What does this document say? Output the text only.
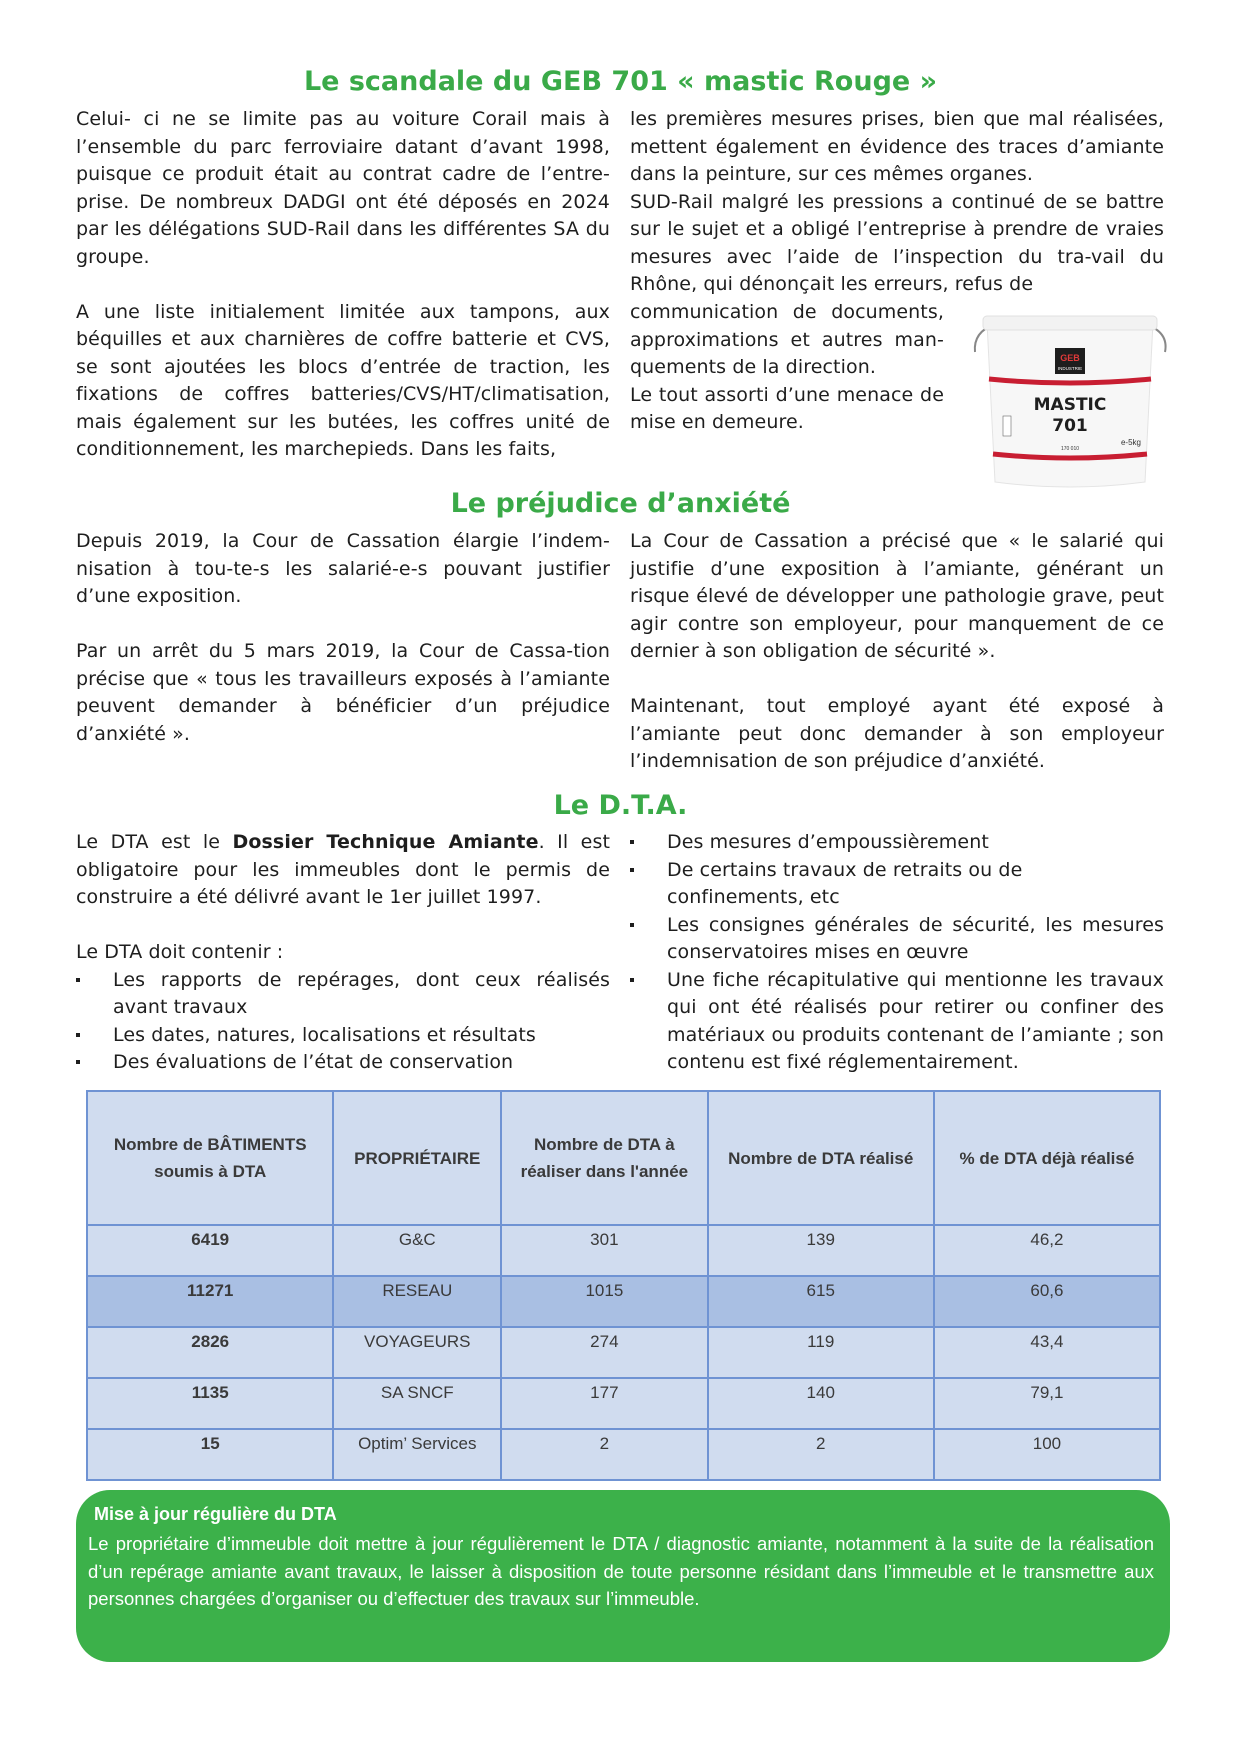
Le scandale du GEB 701 « mastic Rouge »

Celui- ci ne se limite pas au voiture Corail mais à l’ensemble du parc ferroviaire datant d’avant 1998, puisque ce produit était au contrat cadre de l’entre-prise. De nombreux DADGI ont été déposés en 2024 par les délégations SUD-Rail dans les différentes SA du groupe.

A une liste initialement limitée aux tampons, aux béquilles et aux charnières de coffre batterie et CVS, se sont ajoutées les blocs d’entrée de traction, les fixations de coffres batteries/CVS/HT/climatisation, mais également sur les butées, les coffres unité de conditionnement, les marchepieds. Dans les faits,

les premières mesures prises, bien que mal réalisées, mettent également en évidence des traces d’amiante dans la peinture, sur ces mêmes organes.

SUD-Rail malgré les pressions a continué de se battre sur le sujet et a obligé l’entreprise à prendre de vraies mesures avec l’aide de l’inspection du tra-vail du Rhône, qui dénonçait les erreurs, refus de

communication de documents, approximations et autres man-quements de la direction.

Le tout assorti d’une menace de mise en demeure.

GEB
INDUSTRIE
MASTIC
701
170 010
e-5kg
Le préjudice d’anxiété

Depuis 2019, la Cour de Cassation élargie l’indem-nisation à tou-te-s les salarié-e-s pouvant justifier d’une exposition.

Par un arrêt du 5 mars 2019, la Cour de Cassa-tion précise que « tous les travailleurs exposés à l’amiante peuvent demander à bénéficier d’un préjudice d’anxiété ».

La Cour de Cassation a précisé que « le salarié qui justifie d’une exposition à l’amiante, générant un risque élevé de développer une pathologie grave, peut agir contre son employeur, pour manquement de ce dernier à son obligation de sécurité ».

Maintenant, tout employé ayant été exposé à l’amiante peut donc demander à son employeur l’indemnisation de son préjudice d’anxiété.

Le D.T.A.

Le DTA est le Dossier Technique Amiante. Il est obligatoire pour les immeubles dont le permis de construire a été délivré avant le 1er juillet 1997.

Le DTA doit contenir :

Les rapports de repérages, dont ceux réalisés avant travaux
Les dates, natures, localisations et résultats
Des évaluations de l’état de conservation
Des mesures d’empoussièrement
De certains travaux de retraits ou de confinements, etc
Les consignes générales de sécurité, les mesures conservatoires mises en œuvre
Une fiche récapitulative qui mentionne les travaux qui ont été réalisés pour retirer ou confiner des matériaux ou produits contenant de l’amiante ; son contenu est fixé réglementairement.
Nombre de BÂTIMENTS soumis à DTA	PROPRIÉTAIRE	Nombre de DTA à réaliser dans l'année	Nombre de DTA réalisé	% de DTA déjà réalisé
6419	G&C	301	139	46,2
11271	RESEAU	1015	615	60,6
2826	VOYAGEURS	274	119	43,4
1135	SA SNCF	177	140	79,1
15	Optim’ Services	2	2	100
Mise à jour régulière du DTA
Le propriétaire d’immeuble doit mettre à jour régulièrement le DTA / diagnostic amiante, notamment à la suite de la réalisation d’un repérage amiante avant travaux, le laisser à disposition de toute personne résidant dans l’immeuble et le transmettre aux personnes chargées d’organiser ou d’effectuer des travaux sur l’immeuble.
